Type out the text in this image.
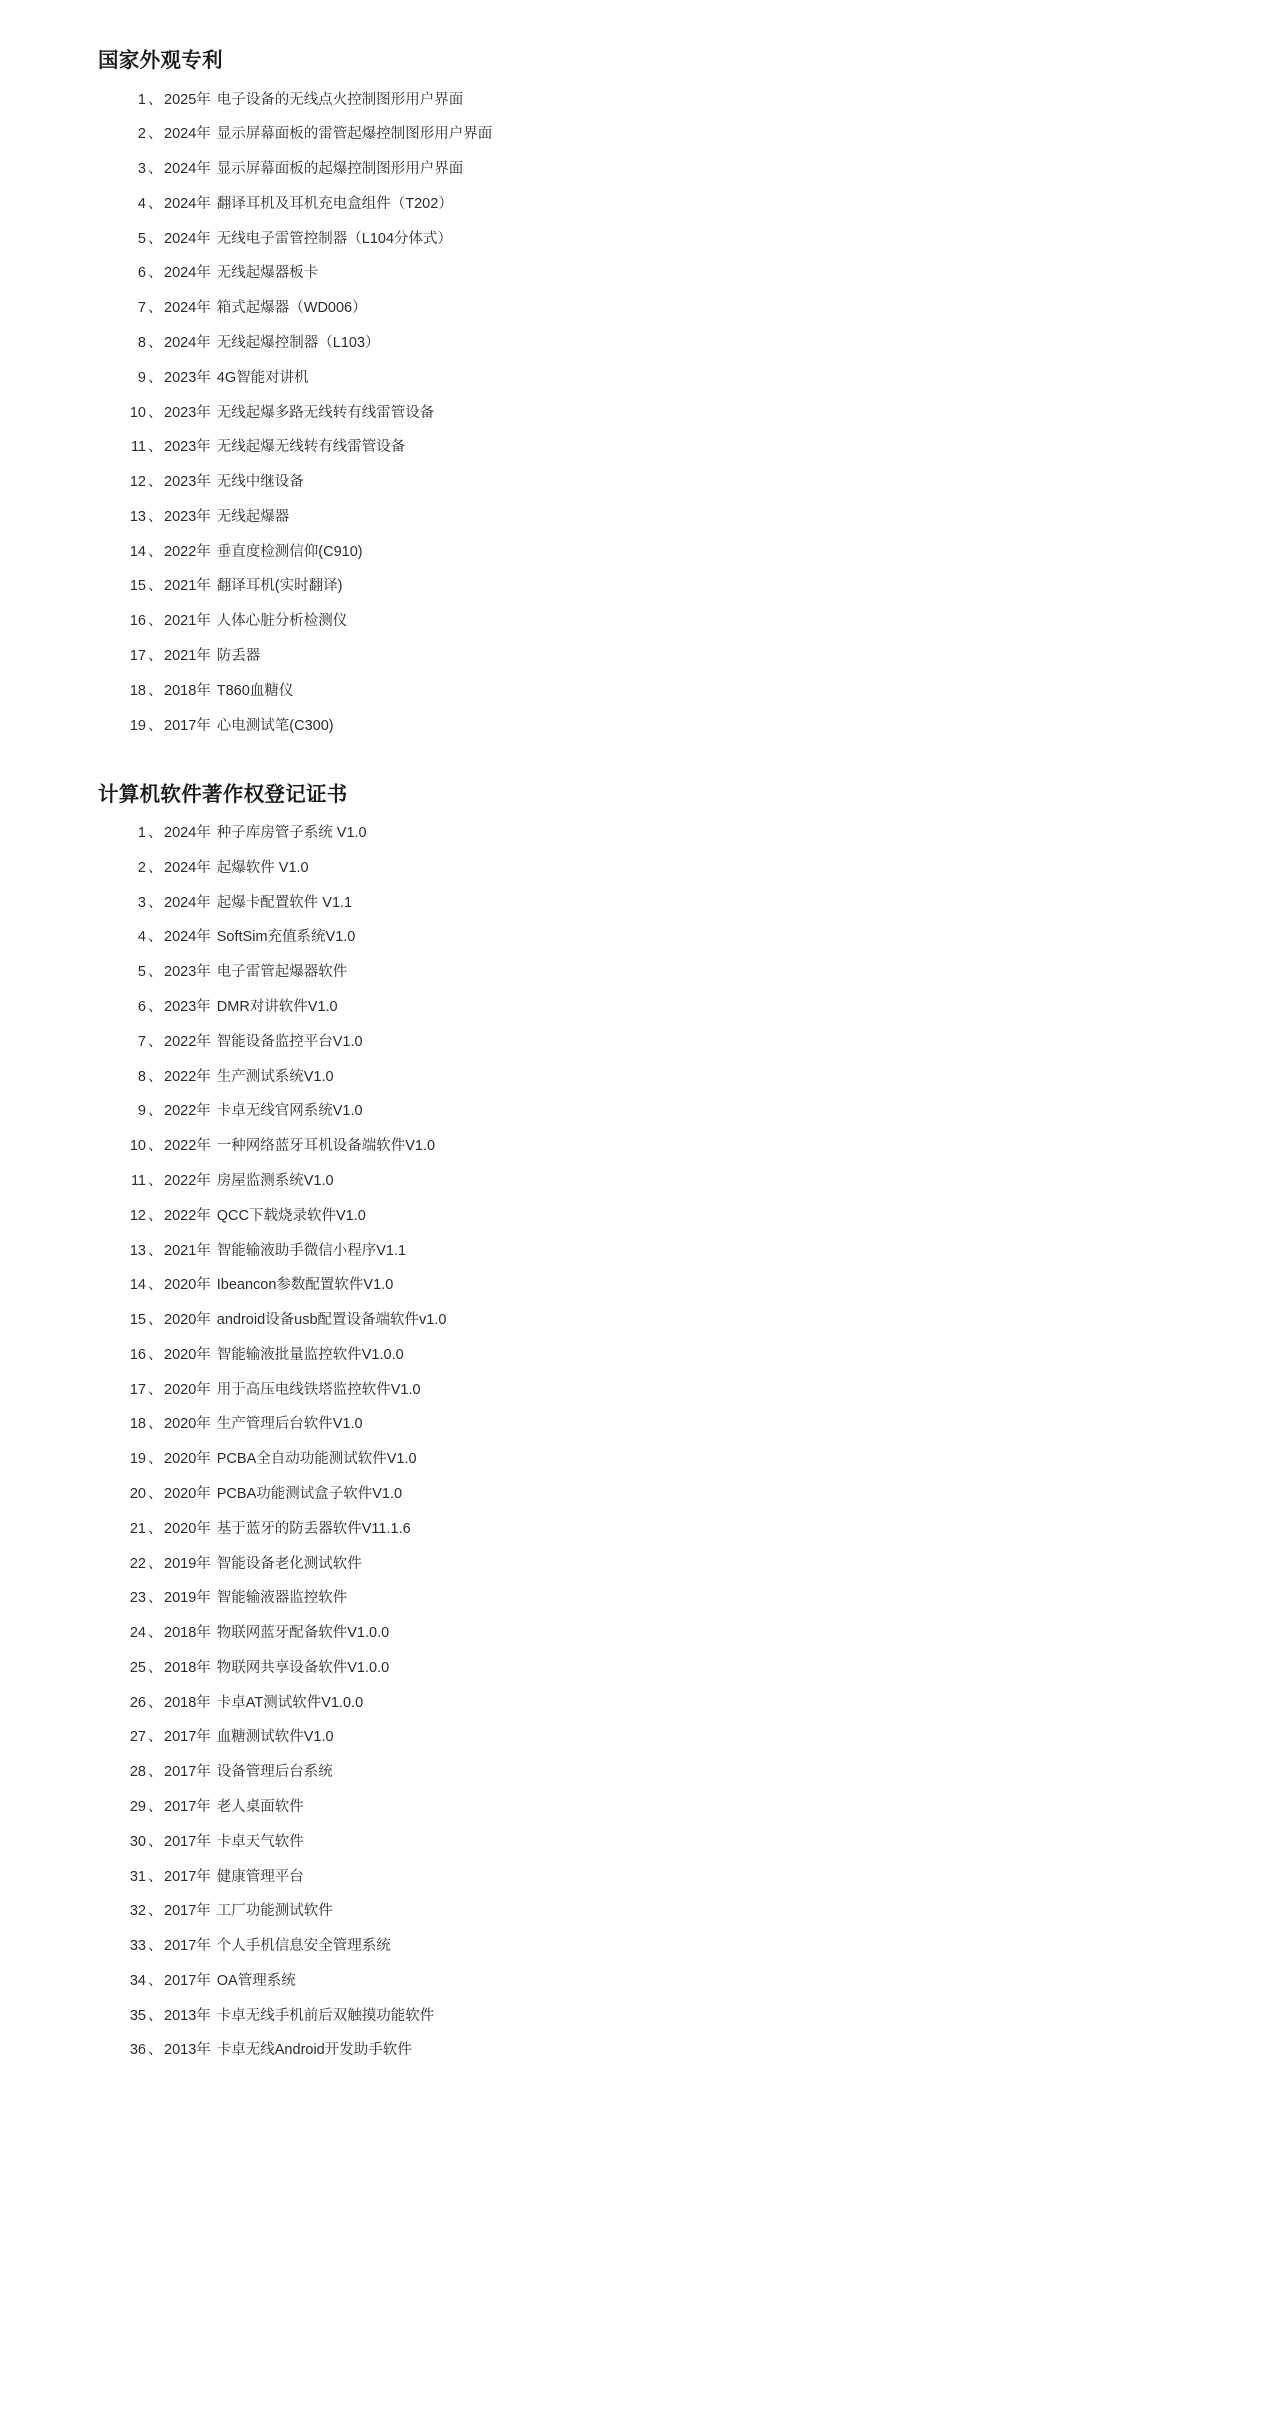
国家外观专利
1 、 2025年 电子设备的无线点火控制图形用户界面
2 、 2024年 显示屏幕面板的雷管起爆控制图形用户界面
3 、 2024年 显示屏幕面板的起爆控制图形用户界面
4 、 2024年 翻译耳机及耳机充电盒组件（T202）
5 、 2024年 无线电子雷管控制器（L104分体式）
6 、 2024年 无线起爆器板卡
7 、 2024年 箱式起爆器（WD006）
8 、 2024年 无线起爆控制器（L103）
9 、 2023年 4G智能对讲机
10 、 2023年 无线起爆多路无线转有线雷管设备
11 、 2023年 无线起爆无线转有线雷管设备
12 、 2023年 无线中继设备
13 、 2023年 无线起爆器
14 、 2022年 垂直度检测信仰(C910)
15 、 2021年 翻译耳机(实时翻译)
16 、 2021年 人体心脏分析检测仪
17 、 2021年 防丢器
18 、 2018年 T860血糖仪
19 、 2017年 心电测试笔(C300)
计算机软件著作权登记证书
1 、 2024年 种子库房管子系统 V1.0
2 、 2024年 起爆软件 V1.0
3 、 2024年 起爆卡配置软件 V1.1
4 、 2024年 SoftSim充值系统V1.0
5 、 2023年 电子雷管起爆器软件
6 、 2023年 DMR对讲软件V1.0
7 、 2022年 智能设备监控平台V1.0
8 、 2022年 生产测试系统V1.0
9 、 2022年 卡卓无线官网系统V1.0
10 、 2022年 一种网络蓝牙耳机设备端软件V1.0
11 、 2022年 房屋监测系统V1.0
12 、 2022年 QCC下载烧录软件V1.0
13 、 2021年 智能输液助手微信小程序V1.1
14 、 2020年 Ibeancon参数配置软件V1.0
15 、 2020年 android设备usb配置设备端软件v1.0
16 、 2020年 智能输液批量监控软件V1.0.0
17 、 2020年 用于高压电线铁塔监控软件V1.0
18 、 2020年 生产管理后台软件V1.0
19 、 2020年 PCBA全自动功能测试软件V1.0
20 、 2020年 PCBA功能测试盒子软件V1.0
21 、 2020年 基于蓝牙的防丢器软件V11.1.6
22 、 2019年 智能设备老化测试软件
23 、 2019年 智能输液器监控软件
24 、 2018年 物联网蓝牙配备软件V1.0.0
25 、 2018年 物联网共享设备软件V1.0.0
26 、 2018年 卡卓AT测试软件V1.0.0
27 、 2017年 血糖测试软件V1.0
28 、 2017年 设备管理后台系统
29 、 2017年 老人桌面软件
30 、 2017年 卡卓天气软件
31 、 2017年 健康管理平台
32 、 2017年 工厂功能测试软件
33 、 2017年 个人手机信息安全管理系统
34 、 2017年 OA管理系统
35 、 2013年 卡卓无线手机前后双触摸功能软件
36 、 2013年 卡卓无线Android开发助手软件
